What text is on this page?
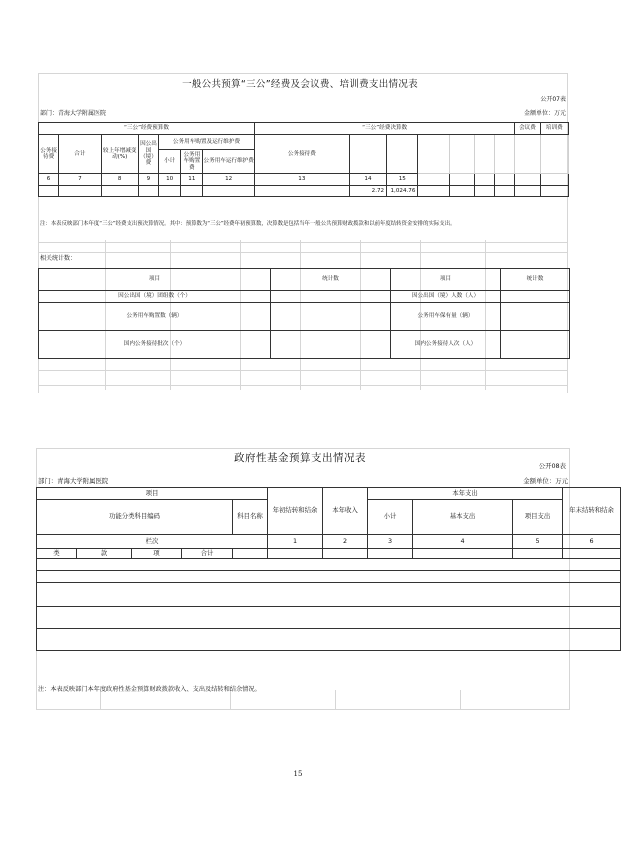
一般公共预算“三公”经费及会议费、培训费支出情况表
公开07表
部门：青海大学附属医院	金额单位：万元
“三公”经费预算数							“三公”经费决算数							会议费	培训费
公务接待费	合计	较上年增减变动(%)	因公出国（境）费	公务用车购置及运行维护费			公务接待费								
				小计	公务用车购置费	公务用车运行维护费									
6	7	8	9	10	11	12	13	14	15						
								2.72	1,024.76						
注：本表反映部门本年度“三公”经费支出预决算情况。其中：预算数为“三公”经费年初预算数，决算数是包括当年一般公共预算财政拨款和以前年度结转资金安排的实际支出。
相关统计数：
项目	统计数	项目	统计数
因公出国（境）团组数（个）		因公出国（境）人数（人）	
公务用车购置数（辆）		公务用车保有量（辆）	
国内公务接待批次（个）		国内公务接待人次（人）	
政府性基金预算支出情况表
公开08表
部门：青海大学附属医院	金额单位：万元
项目					年初结转和结余	本年收入	本年支出			年末结转和结余
功能分类科目编码				科目名称			小计	基本支出	项目支出	
栏次					1	2	3	4	5	6
类	款	项	合计							

注：本表反映部门本年度政府性基金预算财政拨款收入、支出及结转和结余情况。
15
